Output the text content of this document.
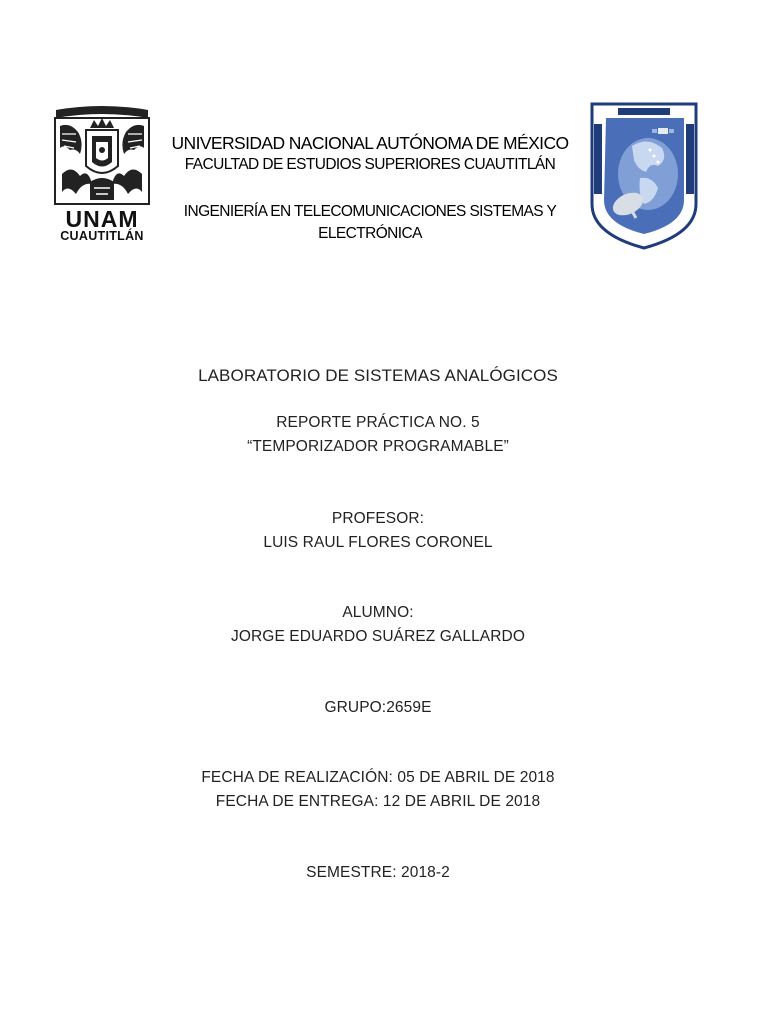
UNAM
CUAUTITLÁN
UNIVERSIDAD NACIONAL AUTÓNOMA DE MÉXICO
FACULTAD DE ESTUDIOS SUPERIORES CUAUTITLÁN
INGENIERÍA EN TELECOMUNICACIONES SISTEMAS Y
ELECTRÓNICA
LABORATORIO DE SISTEMAS ANALÓGICOS
REPORTE PRÁCTICA NO. 5
“TEMPORIZADOR PROGRAMABLE”
PROFESOR:
LUIS RAUL FLORES CORONEL
ALUMNO:
JORGE EDUARDO SUÁREZ GALLARDO
GRUPO:2659E
FECHA DE REALIZACIÓN: 05 DE ABRIL DE 2018
FECHA DE ENTREGA: 12 DE ABRIL DE 2018
SEMESTRE: 2018-2
